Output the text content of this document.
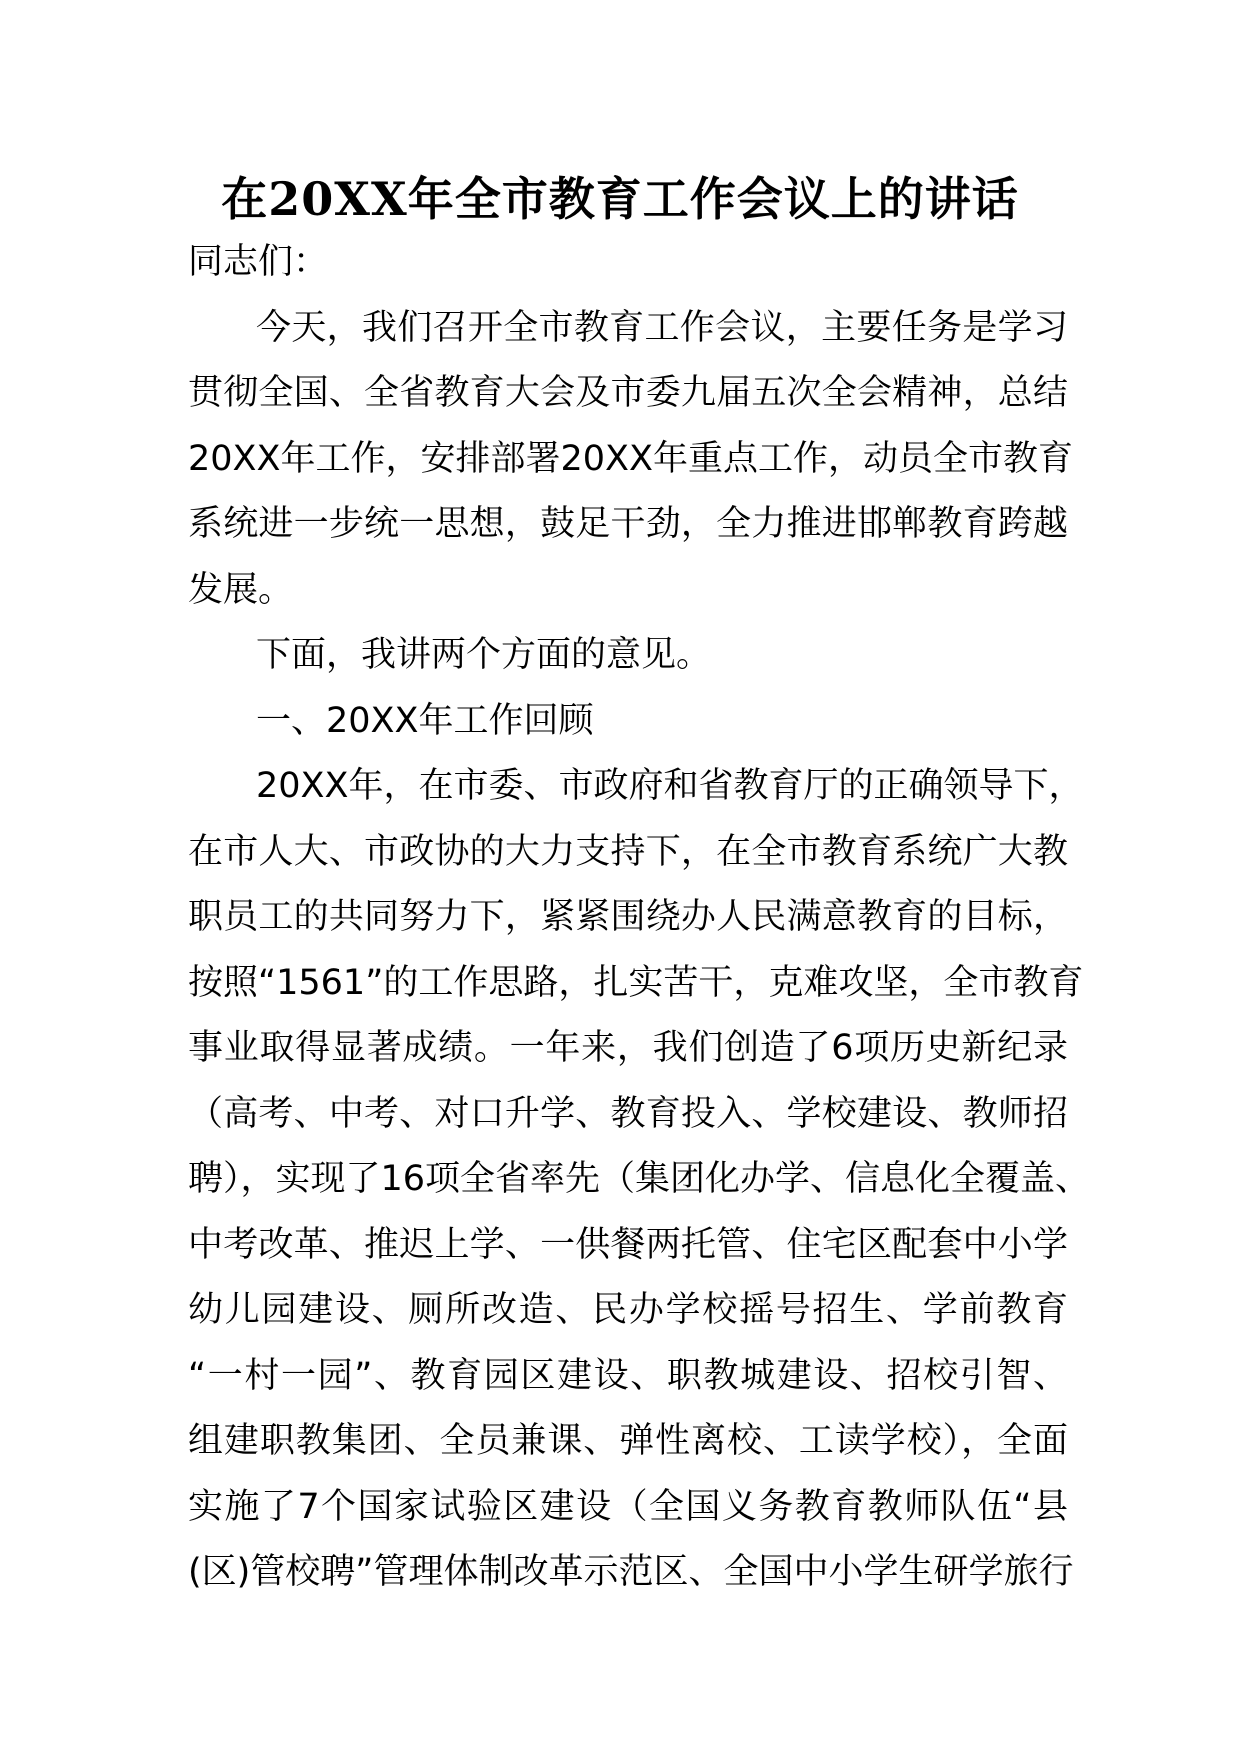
在20XX年全市教育工作会议上的讲话
同志们：
今天，我们召开全市教育工作会议，主要任务是学习
贯彻全国、全省教育大会及市委九届五次全会精神，总结
20XX年工作，安排部署20XX年重点工作，动员全市教育
系统进一步统一思想，鼓足干劲，全力推进邯郸教育跨越
发展。
下面，我讲两个方面的意见。
一、20XX年工作回顾
20XX年，在市委、市政府和省教育厅的正确领导下，
在市人大、市政协的大力支持下，在全市教育系统广大教
职员工的共同努力下，紧紧围绕办人民满意教育的目标，
按照“1561”的工作思路，扎实苦干，克难攻坚，全市教育
事业取得显著成绩。一年来，我们创造了6项历史新纪录
（高考、中考、对口升学、教育投入、学校建设、教师招
聘），实现了16项全省率先（集团化办学、信息化全覆盖、
中考改革、推迟上学、一供餐两托管、住宅区配套中小学
幼儿园建设、厕所改造、民办学校摇号招生、学前教育
“一村一园”、教育园区建设、职教城建设、招校引智、
组建职教集团、全员兼课、弹性离校、工读学校），全面
实施了7个国家试验区建设（全国义务教育教师队伍“县
(区)管校聘”管理体制改革示范区、全国中小学生研学旅行
